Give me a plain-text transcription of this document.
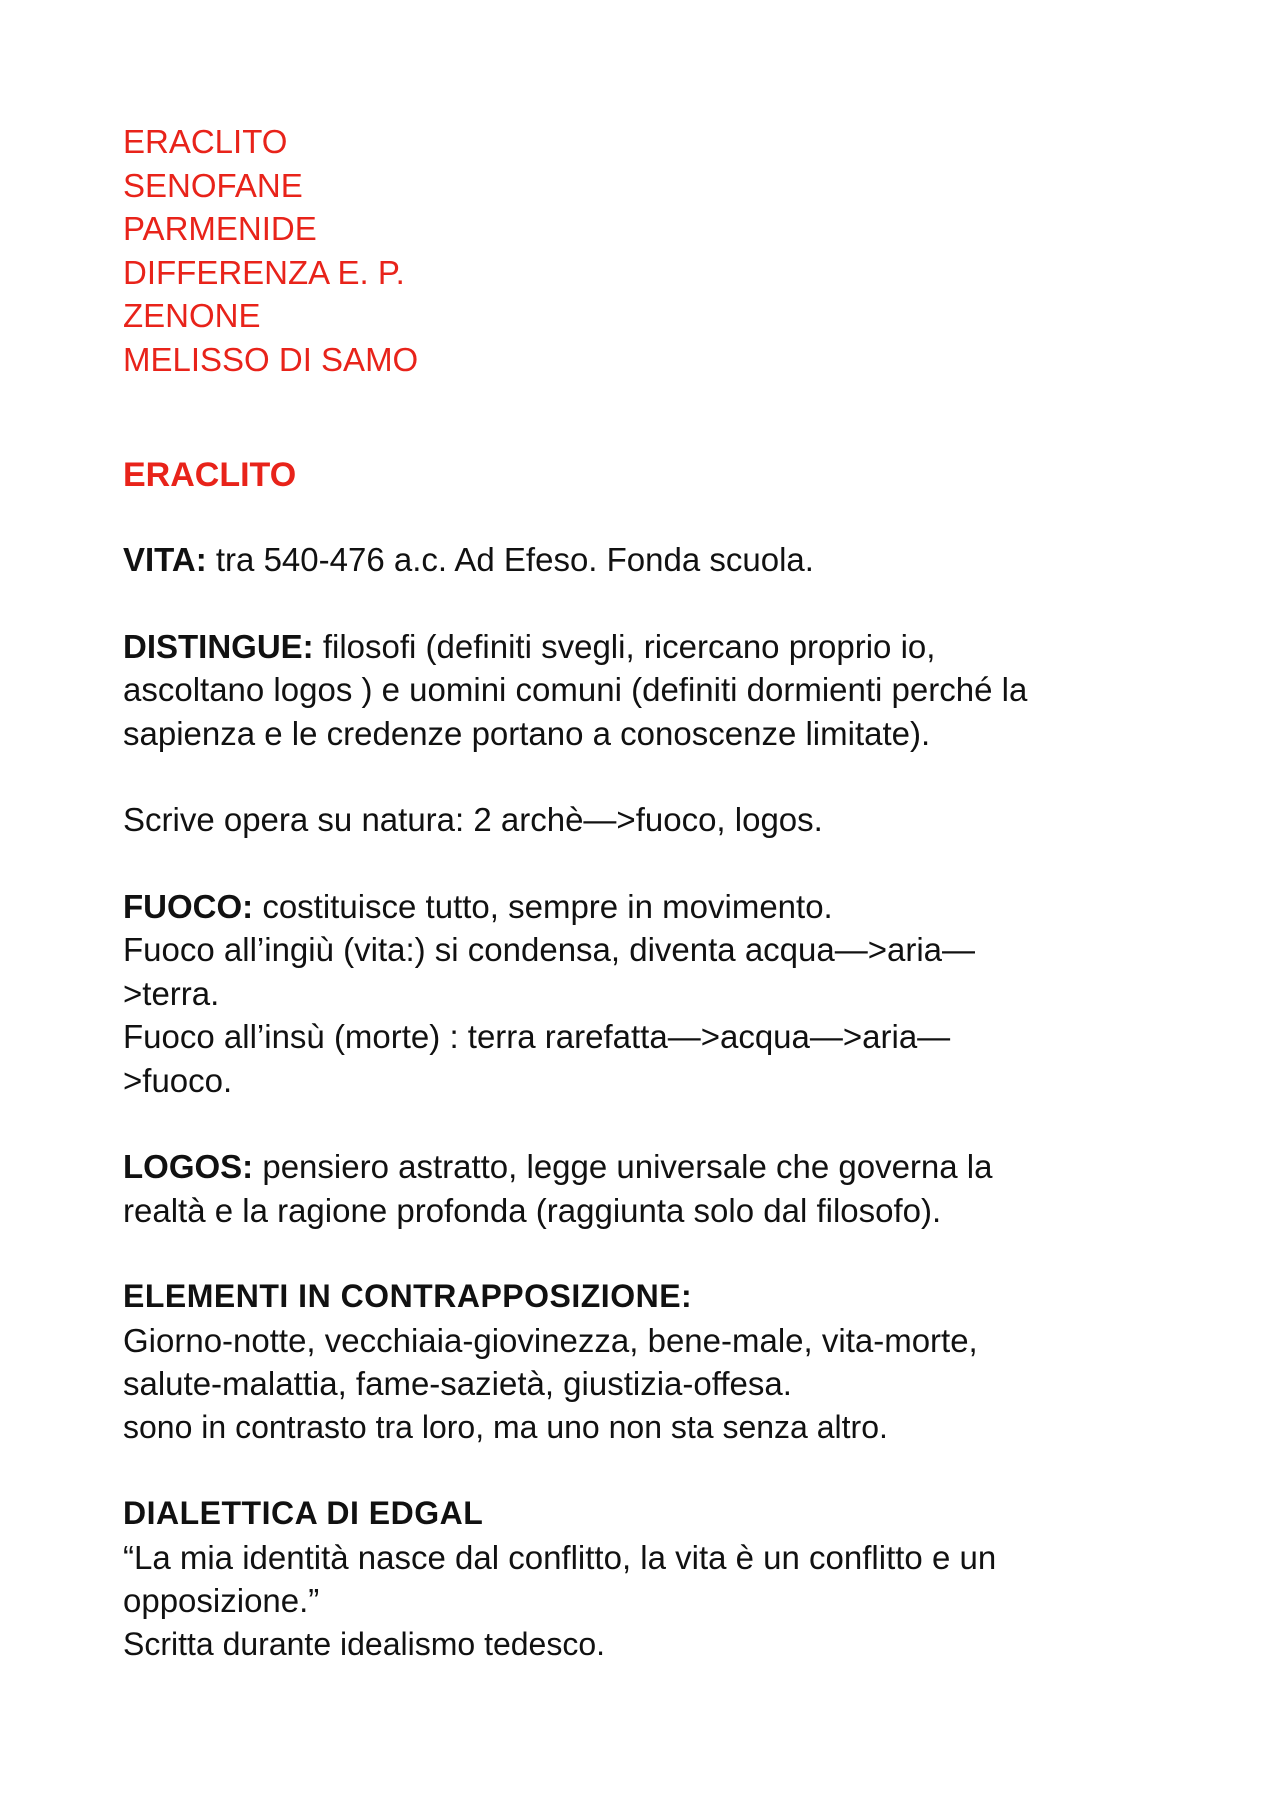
ERACLITO
SENOFANE
PARMENIDE
DIFFERENZA E. P.
ZENONE
MELISSO DI SAMO
ERACLITO

VITA: tra 540-476 a.c. Ad Efeso. Fonda scuola.

DISTINGUE: filosofi (definiti svegli, ricercano proprio io,
ascoltano logos ) e uomini comuni (definiti dormienti perché la
sapienza e le credenze portano a conoscenze limitate).

Scrive opera su natura: 2 archè—>fuoco, logos.

FUOCO: costituisce tutto, sempre in movimento.
Fuoco all’ingiù (vita:) si condensa, diventa acqua—>aria—
>terra.
Fuoco all’insù (morte) : terra rarefatta—>acqua—>aria—
>fuoco.

LOGOS: pensiero astratto, legge universale che governa la
realtà e la ragione profonda (raggiunta solo dal filosofo).

ELEMENTI IN CONTRAPPOSIZIONE:
Giorno-notte, vecchiaia-giovinezza, bene-male, vita-morte,
salute-malattia, fame-sazietà, giustizia-offesa.
sono in contrasto tra loro, ma uno non sta senza altro.

DIALETTICA DI EDGAL
“La mia identità nasce dal conflitto, la vita è un conflitto e un
opposizione.”
Scritta durante idealismo tedesco.
